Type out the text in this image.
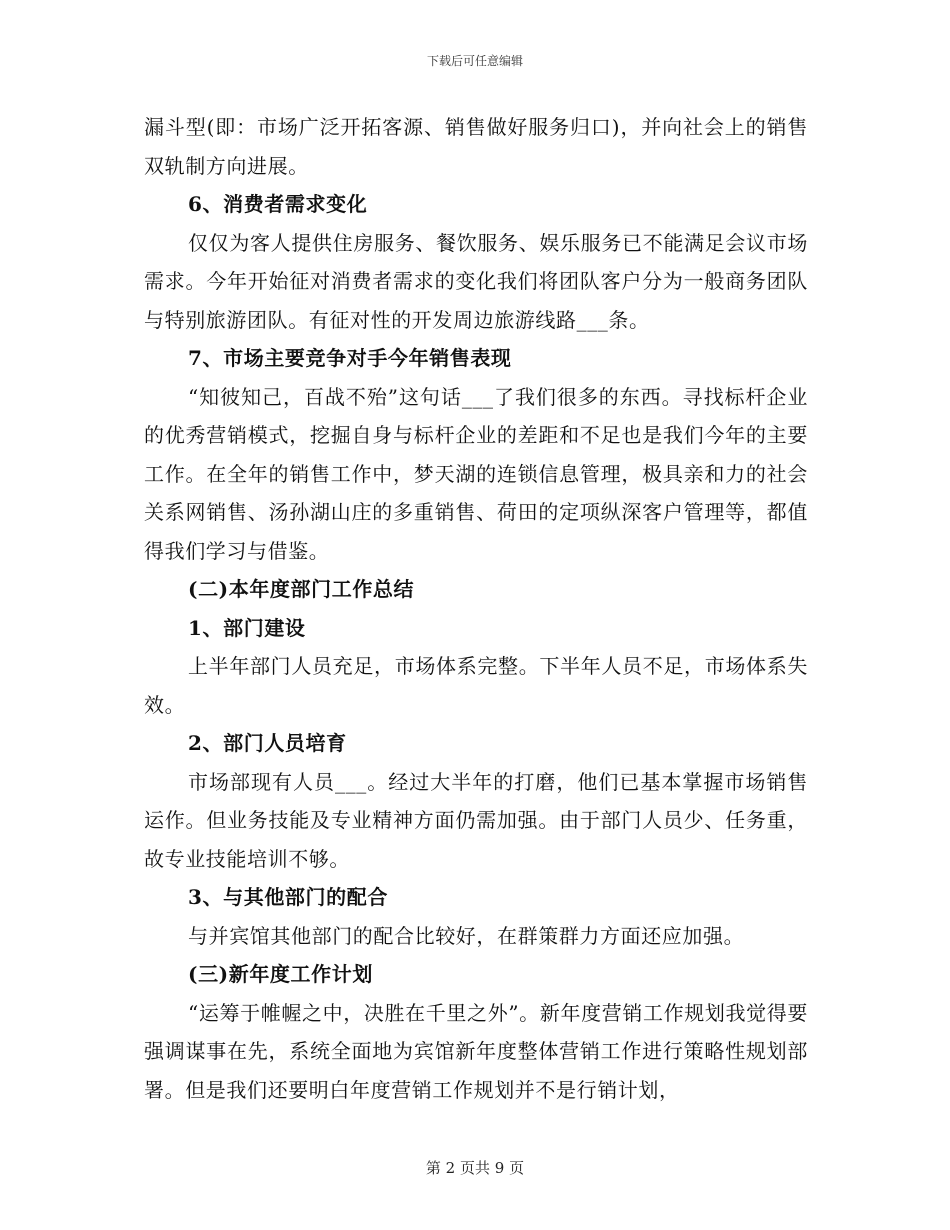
下载后可任意编辑

漏斗型(即：市场广泛开拓客源、销售做好服务归口)，并向社会上的销售双轨制方向进展。

6、消费者需求变化

仅仅为客人提供住房服务、餐饮服务、娱乐服务已不能满足会议市场需求。今年开始征对消费者需求的变化我们将团队客户分为一般商务团队与特别旅游团队。有征对性的开发周边旅游线路___条。

7、市场主要竞争对手今年销售表现

“知彼知己，百战不殆”这句话___了我们很多的东西。寻找标杆企业的优秀营销模式，挖掘自身与标杆企业的差距和不足也是我们今年的主要工作。在全年的销售工作中，梦天湖的连锁信息管理，极具亲和力的社会关系网销售、汤孙湖山庄的多重销售、荷田的定项纵深客户管理等，都值得我们学习与借鉴。

(二)本年度部门工作总结

1、部门建设

上半年部门人员充足，市场体系完整。下半年人员不足，市场体系失效。

2、部门人员培育

市场部现有人员___。经过大半年的打磨，他们已基本掌握市场销售运作。但业务技能及专业精神方面仍需加强。由于部门人员少、任务重，故专业技能培训不够。

3、与其他部门的配合

与并宾馆其他部门的配合比较好，在群策群力方面还应加强。

(三)新年度工作计划

“运筹于帷幄之中，决胜在千里之外”。新年度营销工作规划我觉得要强调谋事在先，系统全面地为宾馆新年度整体营销工作进行策略性规划部署。但是我们还要明白年度营销工作规划并不是行销计划，

第 2 页共 9 页
